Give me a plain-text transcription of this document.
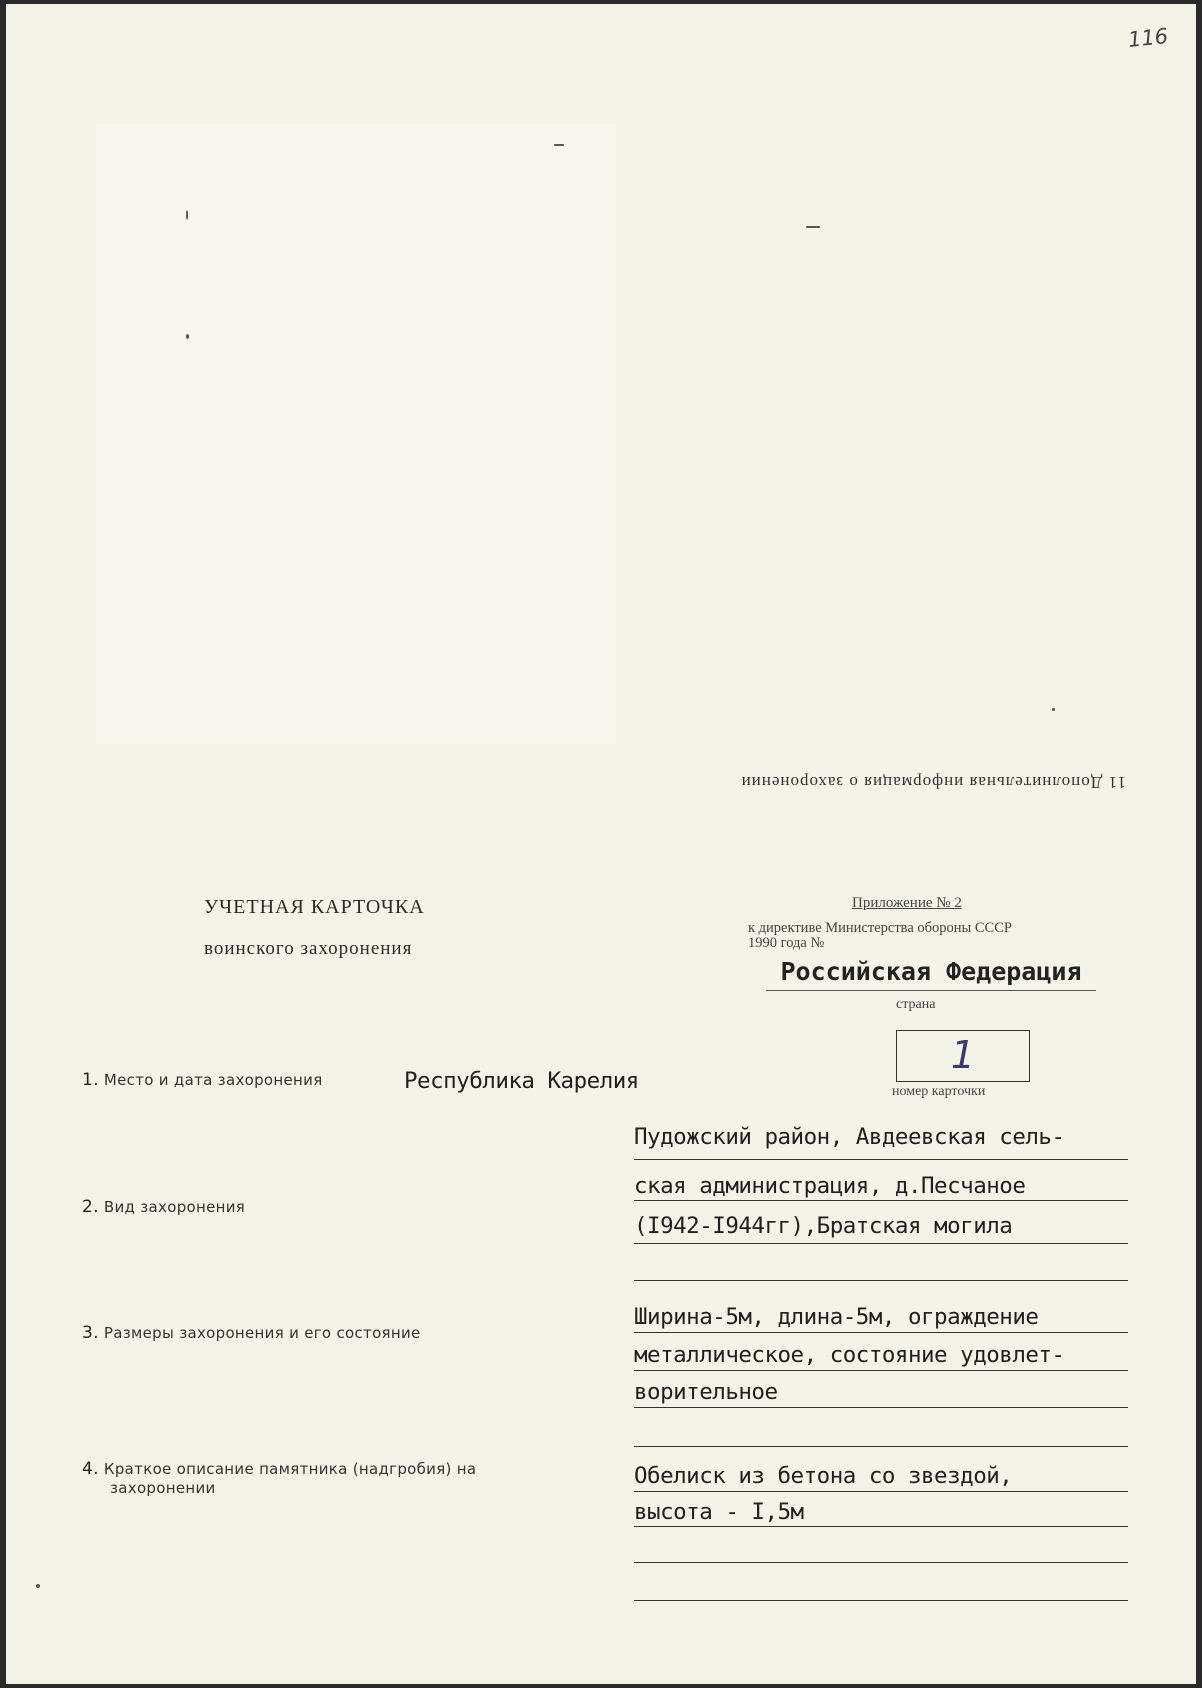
116
11 Дополнительная информация о захоронении
УЧЕТНАЯ КАРТОЧКА
воинского захоронения
Приложение № 2
к директиве Министерства обороны СССР
1990 года №
Российская Федерация
страна
1
номер карточки
1. Место и дата захоронения	Республика Карелия
Пудожский район, Авдеевская сель-
ская администрация, д.Песчаное
(I942-I944гг),Братская могила
2. Вид захоронения
3. Размеры захоронения и его состояние
Ширина-5м, длина-5м, ограждение
металлическое, состояние удовлет-
ворительное
4. Краткое описание памятника (надгробия) на
захоронении	Обелиск из бетона со звездой,
высота - I,5м
